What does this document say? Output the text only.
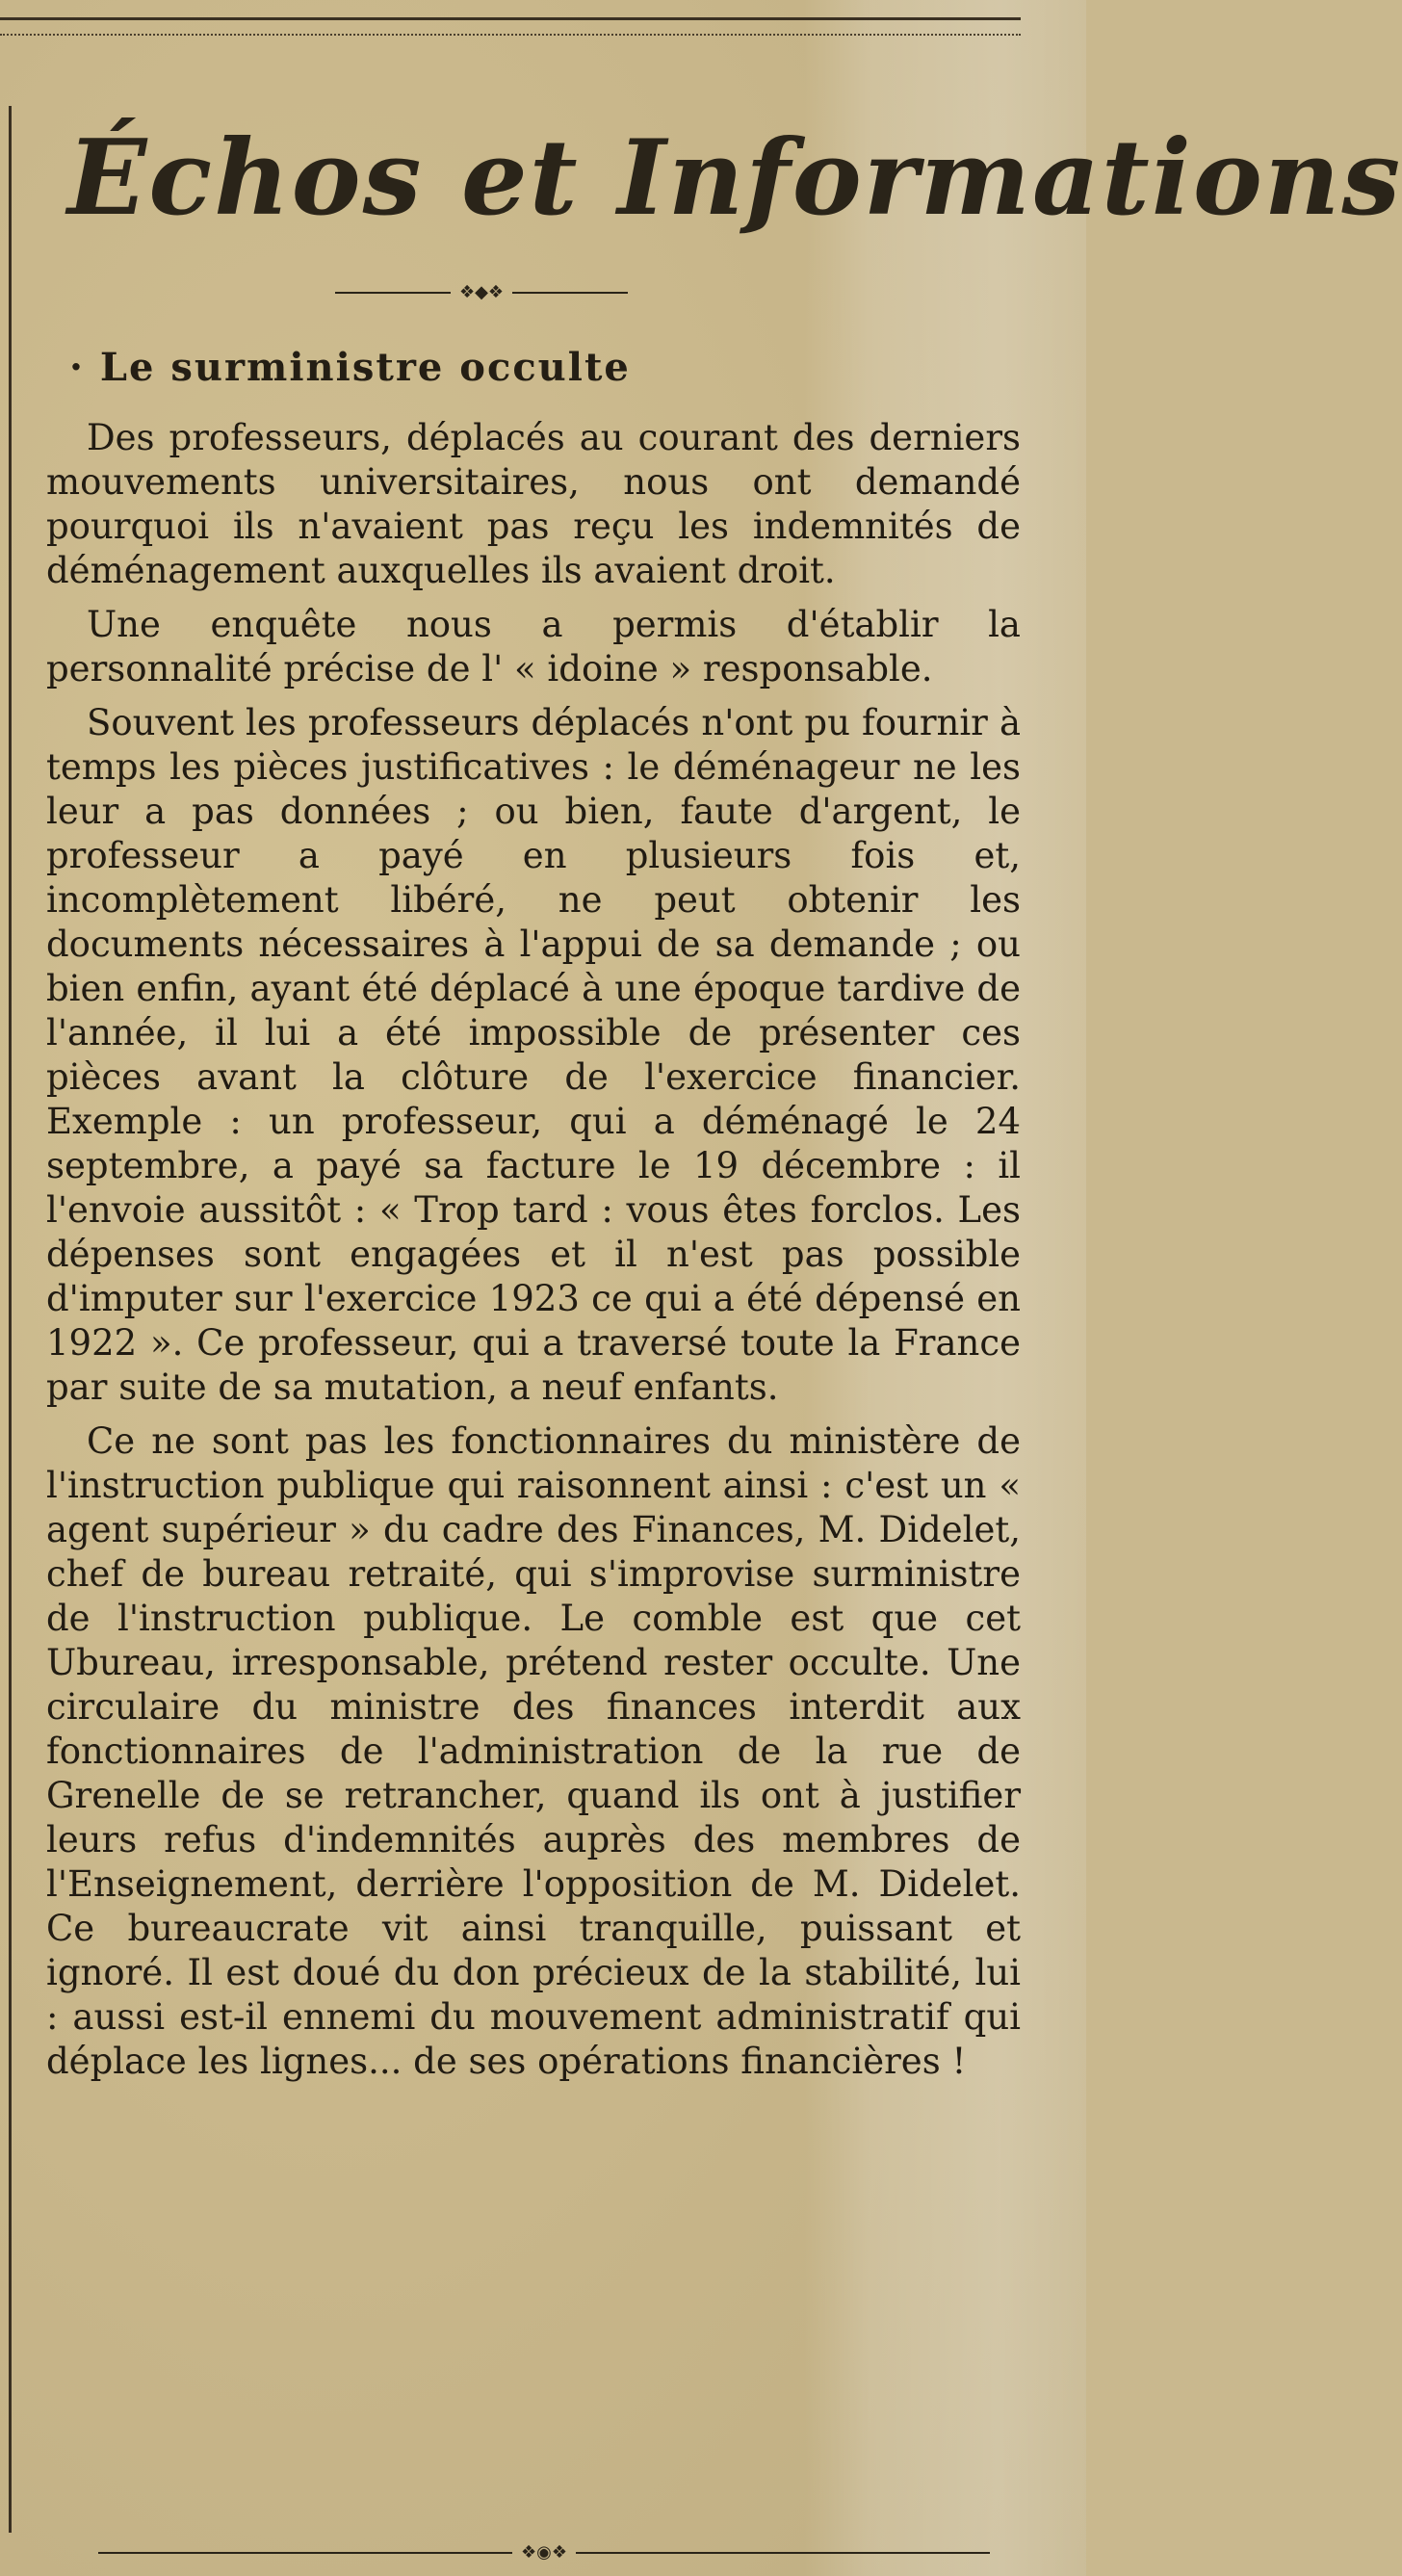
Échos et Informations
❖◆❖
· Le surministre occulte

Des professeurs, déplacés au courant des derniers mouvements universitaires, nous ont demandé pourquoi ils n'avaient pas reçu les indemnités de déménagement auxquelles ils avaient droit.

Une enquête nous a permis d'établir la personnalité précise de l' « idoine » responsable.

Souvent les professeurs déplacés n'ont pu fournir à temps les pièces justificatives : le déménageur ne les leur a pas données ; ou bien, faute d'argent, le professeur a payé en plusieurs fois et, incomplètement libéré, ne peut obtenir les documents nécessaires à l'appui de sa demande ; ou bien enfin, ayant été déplacé à une époque tardive de l'année, il lui a été impossible de présenter ces pièces avant la clôture de l'exercice financier. Exemple : un professeur, qui a déménagé le 24 septembre, a payé sa facture le 19 décembre : il l'envoie aussitôt : « Trop tard : vous êtes forclos. Les dépenses sont engagées et il n'est pas possible d'imputer sur l'exercice 1923 ce qui a été dépensé en 1922 ». Ce professeur, qui a traversé toute la France par suite de sa mutation, a neuf enfants.

Ce ne sont pas les fonctionnaires du ministère de l'instruction publique qui raisonnent ainsi : c'est un « agent supérieur » du cadre des Finances, M. Didelet, chef de bureau retraité, qui s'improvise surministre de l'instruction publique. Le comble est que cet Ubureau, irresponsable, prétend rester occulte. Une circulaire du ministre des finances interdit aux fonctionnaires de l'administration de la rue de Grenelle de se retrancher, quand ils ont à justifier leurs refus d'indemnités auprès des membres de l'Enseignement, derrière l'opposition de M. Didelet. Ce bureaucrate vit ainsi tranquille, puissant et ignoré. Il est doué du don précieux de la stabilité, lui : aussi est-il ennemi du mouvement administratif qui déplace les lignes... de ses opérations financières !

❖◉❖
